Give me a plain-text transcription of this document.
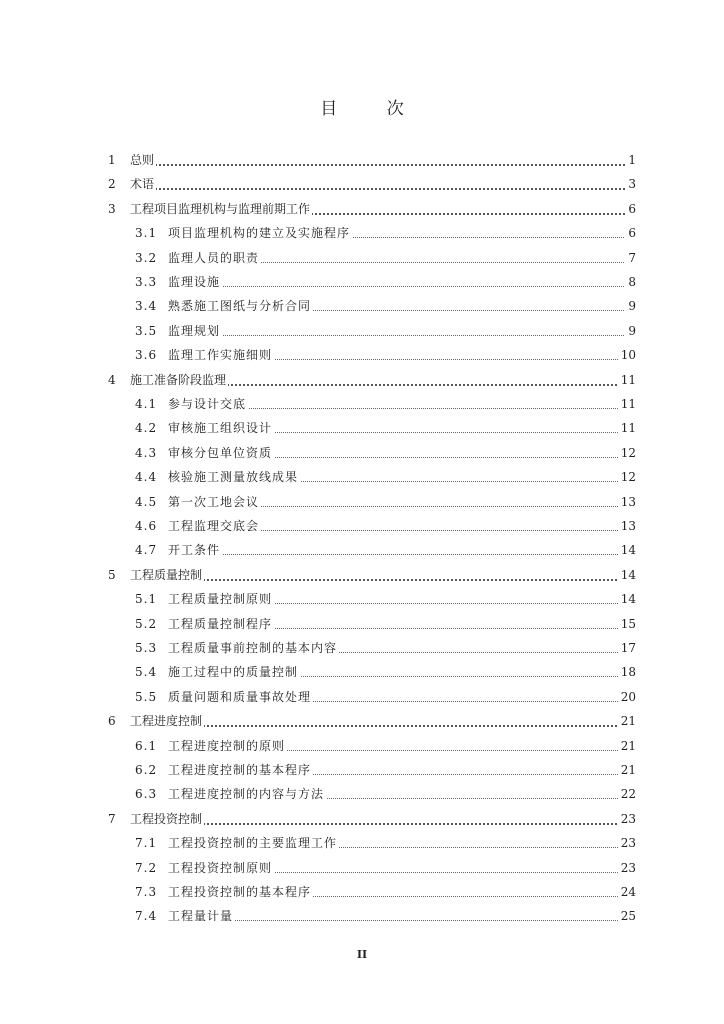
目 次
1 总则	1
2 术语	3
3 工程项目监理机构与监理前期工作	6
3.1 项目监理机构的建立及实施程序	6
3.2 监理人员的职责	7
3.3 监理设施	8
3.4 熟悉施工图纸与分析合同	9
3.5 监理规划	9
3.6 监理工作实施细则	10
4 施工准备阶段监理	11
4.1 参与设计交底	11
4.2 审核施工组织设计	11
4.3 审核分包单位资质	12
4.4 核验施工测量放线成果	12
4.5 第一次工地会议	13
4.6 工程监理交底会	13
4.7 开工条件	14
5 工程质量控制	14
5.1 工程质量控制原则	14
5.2 工程质量控制程序	15
5.3 工程质量事前控制的基本内容	17
5.4 施工过程中的质量控制	18
5.5 质量问题和质量事故处理	20
6 工程进度控制	21
6.1 工程进度控制的原则	21
6.2 工程进度控制的基本程序	21
6.3 工程进度控制的内容与方法	22
7 工程投资控制	23
7.1 工程投资控制的主要监理工作	23
7.2 工程投资控制原则	23
7.3 工程投资控制的基本程序	24
7.4 工程量计量	25
II
